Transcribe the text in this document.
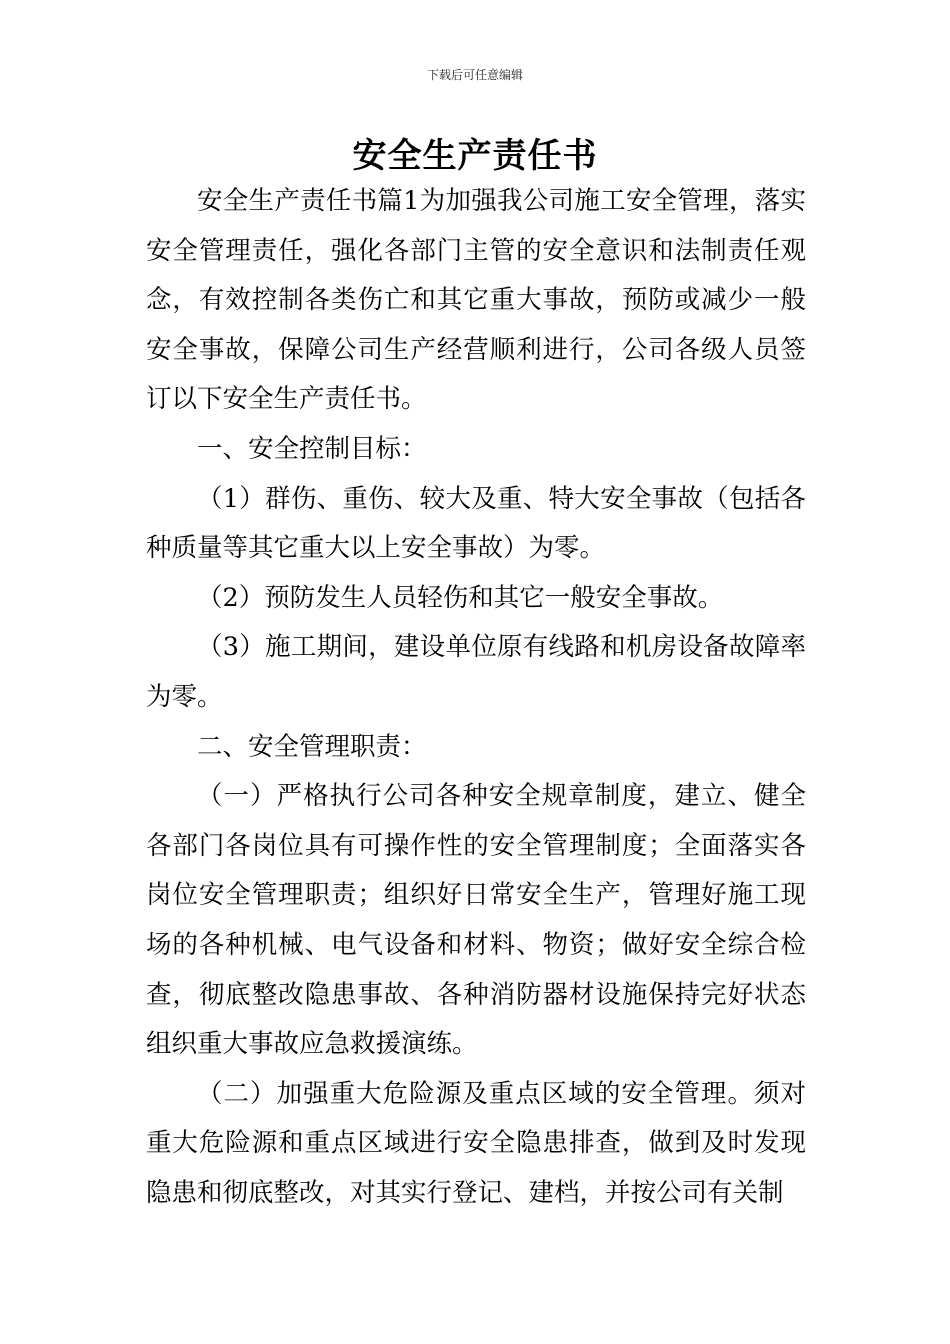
下载后可任意编辑
安全生产责任书

安全生产责任书篇1为加强我公司施工安全管理，落实安全管理责任，强化各部门主管的安全意识和法制责任观念，有效控制各类伤亡和其它重大事故，预防或减少一般安全事故，保障公司生产经营顺利进行，公司各级人员签订以下安全生产责任书。

一、安全控制目标：

（1）群伤、重伤、较大及重、特大安全事故（包括各种质量等其它重大以上安全事故）为零。

（2）预防发生人员轻伤和其它一般安全事故。

（3）施工期间，建设单位原有线路和机房设备故障率为零。

二、安全管理职责：

（一）严格执行公司各种安全规章制度，建立、健全各部门各岗位具有可操作性的安全管理制度；全面落实各岗位安全管理职责；组织好日常安全生产，管理好施工现场的各种机械、电气设备和材料、物资；做好安全综合检查，彻底整改隐患事故、各种消防器材设施保持完好状态组织重大事故应急救援演练。

（二）加强重大危险源及重点区域的安全管理。须对重大危险源和重点区域进行安全隐患排查，做到及时发现隐患和彻底整改，对其实行登记、建档，并按公司有关制
